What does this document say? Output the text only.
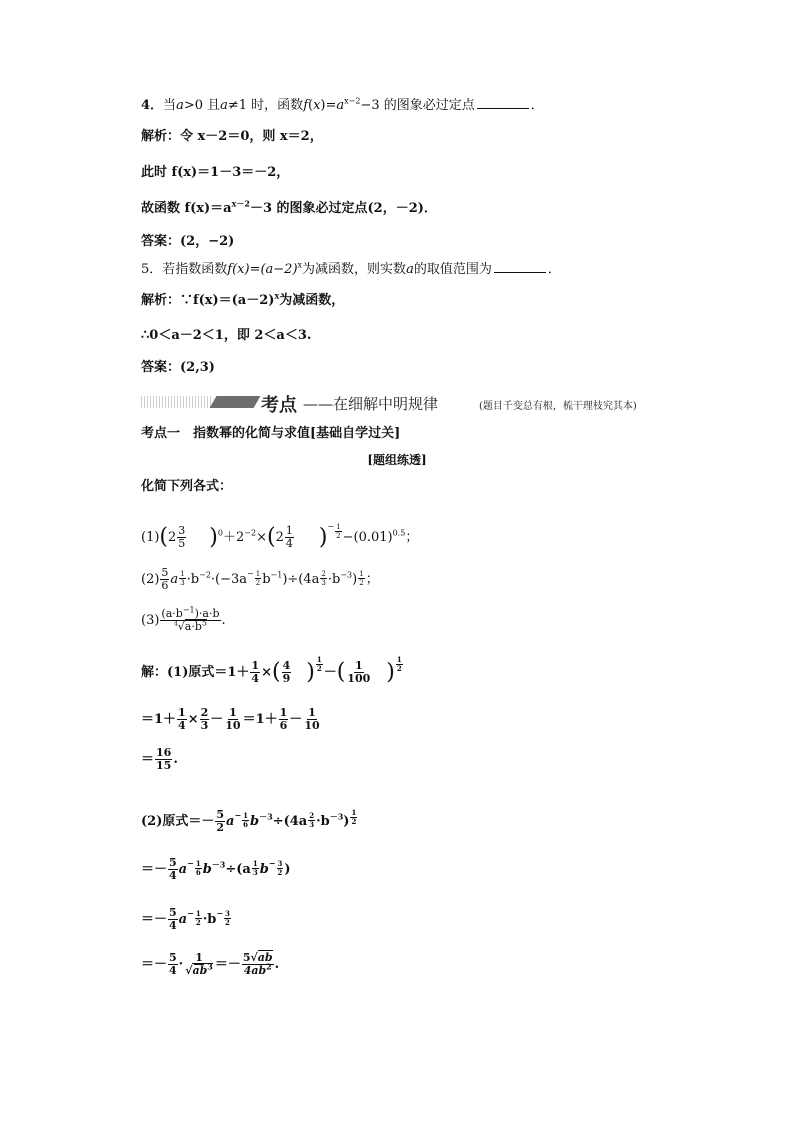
4．当a>0 且a≠1 时，函数$f(x)=a^{x-2}-3$ 的图象必过定点	．
解析：令 x－2＝0，则 x＝2，
此时 f(x)＝1－3＝－2，
故函数 $f(x)=a^{x-2}-3$ 的图象必过定点(2，－2)．
答案：(2，−2)
5．若指数函数$f(x)=(a-2)^x$为减函数，则实数a的取值范围为	．
解析：$\because f(x)=(a-2)^x$为减函数，
∴0＜a－2＜1，即 2＜a＜3.
答案：(2,3)
考点 ——在细解中明规律	(题目千变总有根，梳干理枝究其本)
考点一　指数幂的化简与求值[基础自学过关]
[题组练透]
化简下列各式：
$(1)(2 \frac{3}{5} )^0+2^{-2}\times(2 \frac{1}{4} )^- \frac{1}{2} -(0.01)^{0.5}$；
$(2) \frac{5}{6}$ a $\frac{1}{3} \cdot b^{-2}\cdot(-3a^- \frac{1}{2} b^{-1})\div(4a \frac{2}{3} \cdot b^{-3}) \frac{1}{2}$ ；
$(3) \frac{(a\cdot b^{-1})\cdot a\cdot b}{^4√a\cdot b^5}$ .
解：(1)原式$=1+ \frac{1}{4}$ ×( $\frac{4}{9}$ ) $\frac{1}{2}$ －( $\frac{1}{100}$ ) $\frac{1}{2}$
$=1+ \frac{1}{4} \times \frac{2}{3} - \frac{1}{10} =1+ \frac{1}{6} - \frac{1}{10}$
＝ $\frac{16}{15}$ .
(2)原式＝－ $\frac{5}{2} a^- \frac{1}{6} b^{-3}\div(4a \frac{2}{3} \cdot b^{-3}) \frac{1}{2}$
＝－ $\frac{5}{4} a^- \frac{1}{6} b^{-3}\div(a \frac{1}{3} b^- \frac{3}{2}$ )
＝－ $\frac{5}{4} a^- \frac{1}{2} \cdot b^- \frac{3}{2}$
＝－ $\frac{5}{4} \cdot \frac{1}{√ab^3} =- \frac{5√ab}{4ab^2}$ .
